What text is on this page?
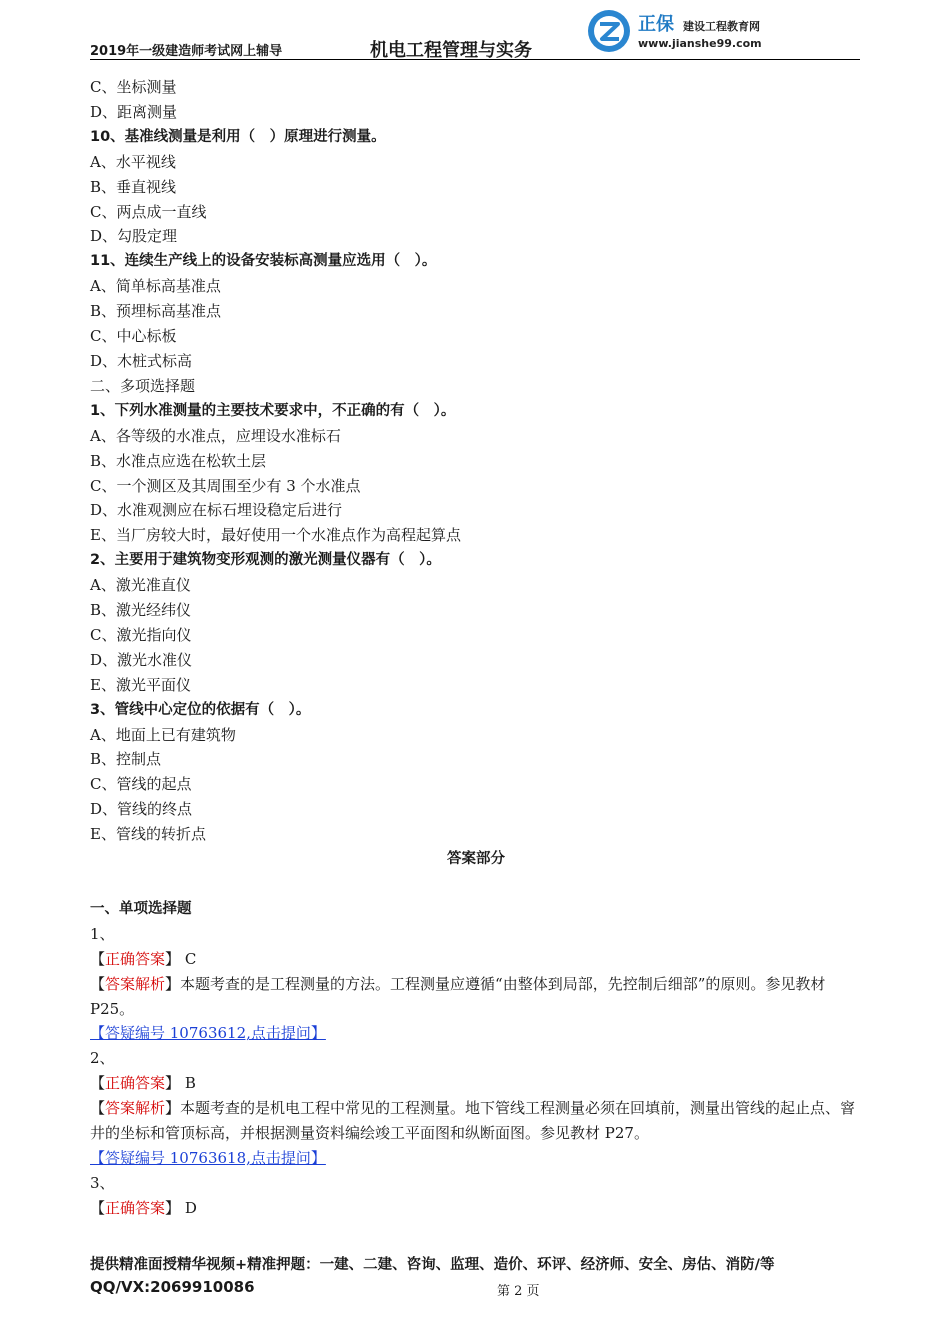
2019年一级建造师考试网上辅导	机电工程管理与实务
正保 建设工程教育网
www.jianshe99.com
C、坐标测量
D、距离测量
10、基准线测量是利用（　）原理进行测量。
A、水平视线
B、垂直视线
C、两点成一直线
D、勾股定理
11、连续生产线上的设备安装标高测量应选用（　）。
A、简单标高基准点
B、预埋标高基准点
C、中心标板
D、木桩式标高
二、多项选择题
1、下列水准测量的主要技术要求中，不正确的有（　）。
A、各等级的水准点，应埋设水准标石
B、水准点应选在松软土层
C、一个测区及其周围至少有 3 个水准点
D、水准观测应在标石埋设稳定后进行
E、当厂房较大时，最好使用一个水准点作为高程起算点
2、主要用于建筑物变形观测的激光测量仪器有（　）。
A、激光准直仪
B、激光经纬仪
C、激光指向仪
D、激光水准仪
E、激光平面仪
3、管线中心定位的依据有（　）。
A、地面上已有建筑物
B、控制点
C、管线的起点
D、管线的终点
E、管线的转折点
答案部分
一、单项选择题
1、
【正确答案】 C
【答案解析】本题考查的是工程测量的方法。工程测量应遵循“由整体到局部，先控制后细部”的原则。参见教材 P25。
【答疑编号 10763612,点击提问】
2、
【正确答案】 B
【答案解析】本题考查的是机电工程中常见的工程测量。地下管线工程测量必须在回填前，测量出管线的起止点、窨井的坐标和管顶标高，并根据测量资料编绘竣工平面图和纵断面图。参见教材 P27。
【答疑编号 10763618,点击提问】
3、
【正确答案】 D
提供精准面授精华视频+精准押题：一建、二建、咨询、监理、造价、环评、经济师、安全、房估、消防/等
QQ/VX:2069910086	第 2 页
